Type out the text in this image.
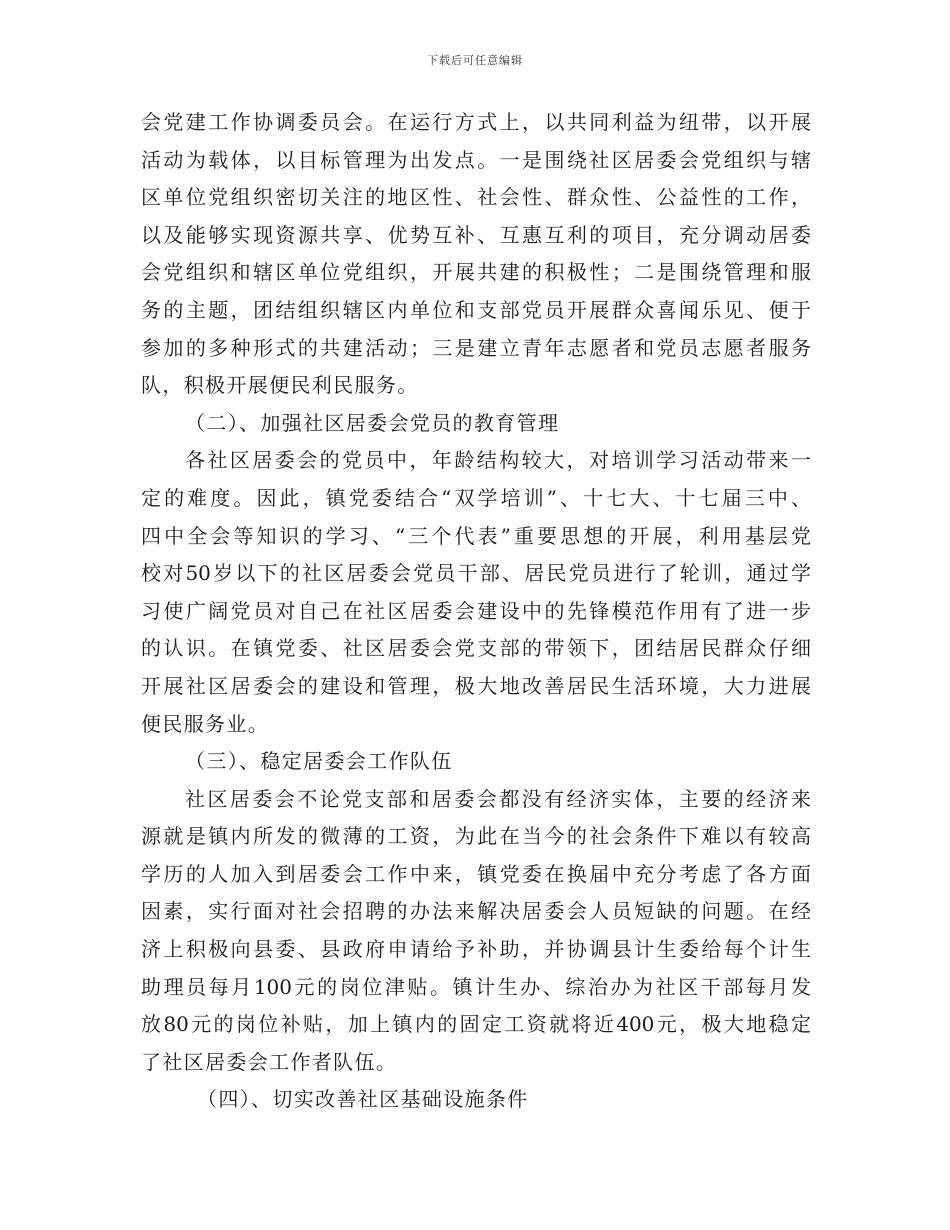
下载后可任意编辑
会党建工作协调委员会。在运行方式上，以共同利益为纽带，以开展
活动为载体，以目标管理为出发点。一是围绕社区居委会党组织与辖
区单位党组织密切关注的地区性、社会性、群众性、公益性的工作，
以及能够实现资源共享、优势互补、互惠互利的项目，充分调动居委
会党组织和辖区单位党组织，开展共建的积极性；二是围绕管理和服
务的主题，团结组织辖区内单位和支部党员开展群众喜闻乐见、便于
参加的多种形式的共建活动；三是建立青年志愿者和党员志愿者服务
队，积极开展便民利民服务。
（二）、加强社区居委会党员的教育管理
各社区居委会的党员中，年龄结构较大，对培训学习活动带来一
定的难度。因此，镇党委结合“双学培训”、十七大、十七届三中、
四中全会等知识的学习、“三个代表”重要思想的开展，利用基层党
校对50岁以下的社区居委会党员干部、居民党员进行了轮训，通过学
习使广阔党员对自己在社区居委会建设中的先锋模范作用有了进一步
的认识。在镇党委、社区居委会党支部的带领下，团结居民群众仔细
开展社区居委会的建设和管理，极大地改善居民生活环境，大力进展
便民服务业。
（三）、稳定居委会工作队伍
社区居委会不论党支部和居委会都没有经济实体，主要的经济来
源就是镇内所发的微薄的工资，为此在当今的社会条件下难以有较高
学历的人加入到居委会工作中来，镇党委在换届中充分考虑了各方面
因素，实行面对社会招聘的办法来解决居委会人员短缺的问题。在经
济上积极向县委、县政府申请给予补助，并协调县计生委给每个计生
助理员每月100元的岗位津贴。镇计生办、综治办为社区干部每月发
放80元的岗位补贴，加上镇内的固定工资就将近400元，极大地稳定
了社区居委会工作者队伍。
（四）、切实改善社区基础设施条件
